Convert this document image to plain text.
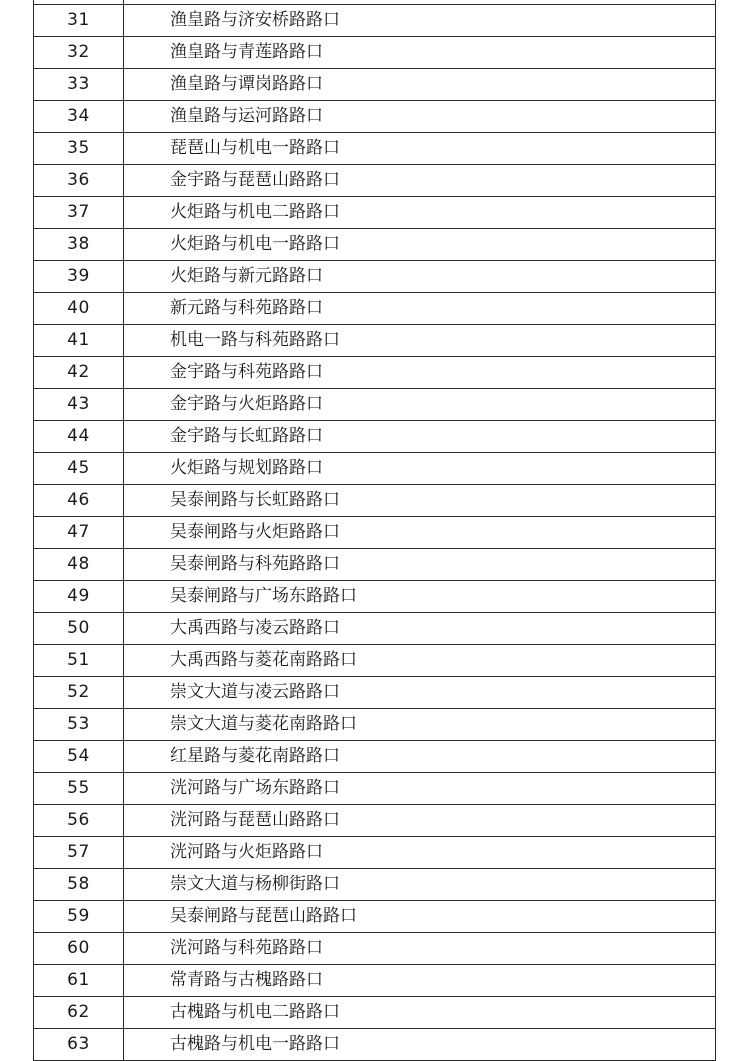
31	渔皇路与济安桥路路口
32	渔皇路与青莲路路口
33	渔皇路与谭岗路路口
34	渔皇路与运河路路口
35	琵琶山与机电一路路口
36	金宇路与琵琶山路路口
37	火炬路与机电二路路口
38	火炬路与机电一路路口
39	火炬路与新元路路口
40	新元路与科苑路路口
41	机电一路与科苑路路口
42	金宇路与科苑路路口
43	金宇路与火炬路路口
44	金宇路与长虹路路口
45	火炬路与规划路路口
46	吴泰闸路与长虹路路口
47	吴泰闸路与火炬路路口
48	吴泰闸路与科苑路路口
49	吴泰闸路与广场东路路口
50	大禹西路与凌云路路口
51	大禹西路与菱花南路路口
52	崇文大道与凌云路路口
53	崇文大道与菱花南路路口
54	红星路与菱花南路路口
55	洸河路与广场东路路口
56	洸河路与琵琶山路路口
57	洸河路与火炬路路口
58	崇文大道与杨柳街路口
59	吴泰闸路与琵琶山路路口
60	洸河路与科苑路路口
61	常青路与古槐路路口
62	古槐路与机电二路路口
63	古槐路与机电一路路口
